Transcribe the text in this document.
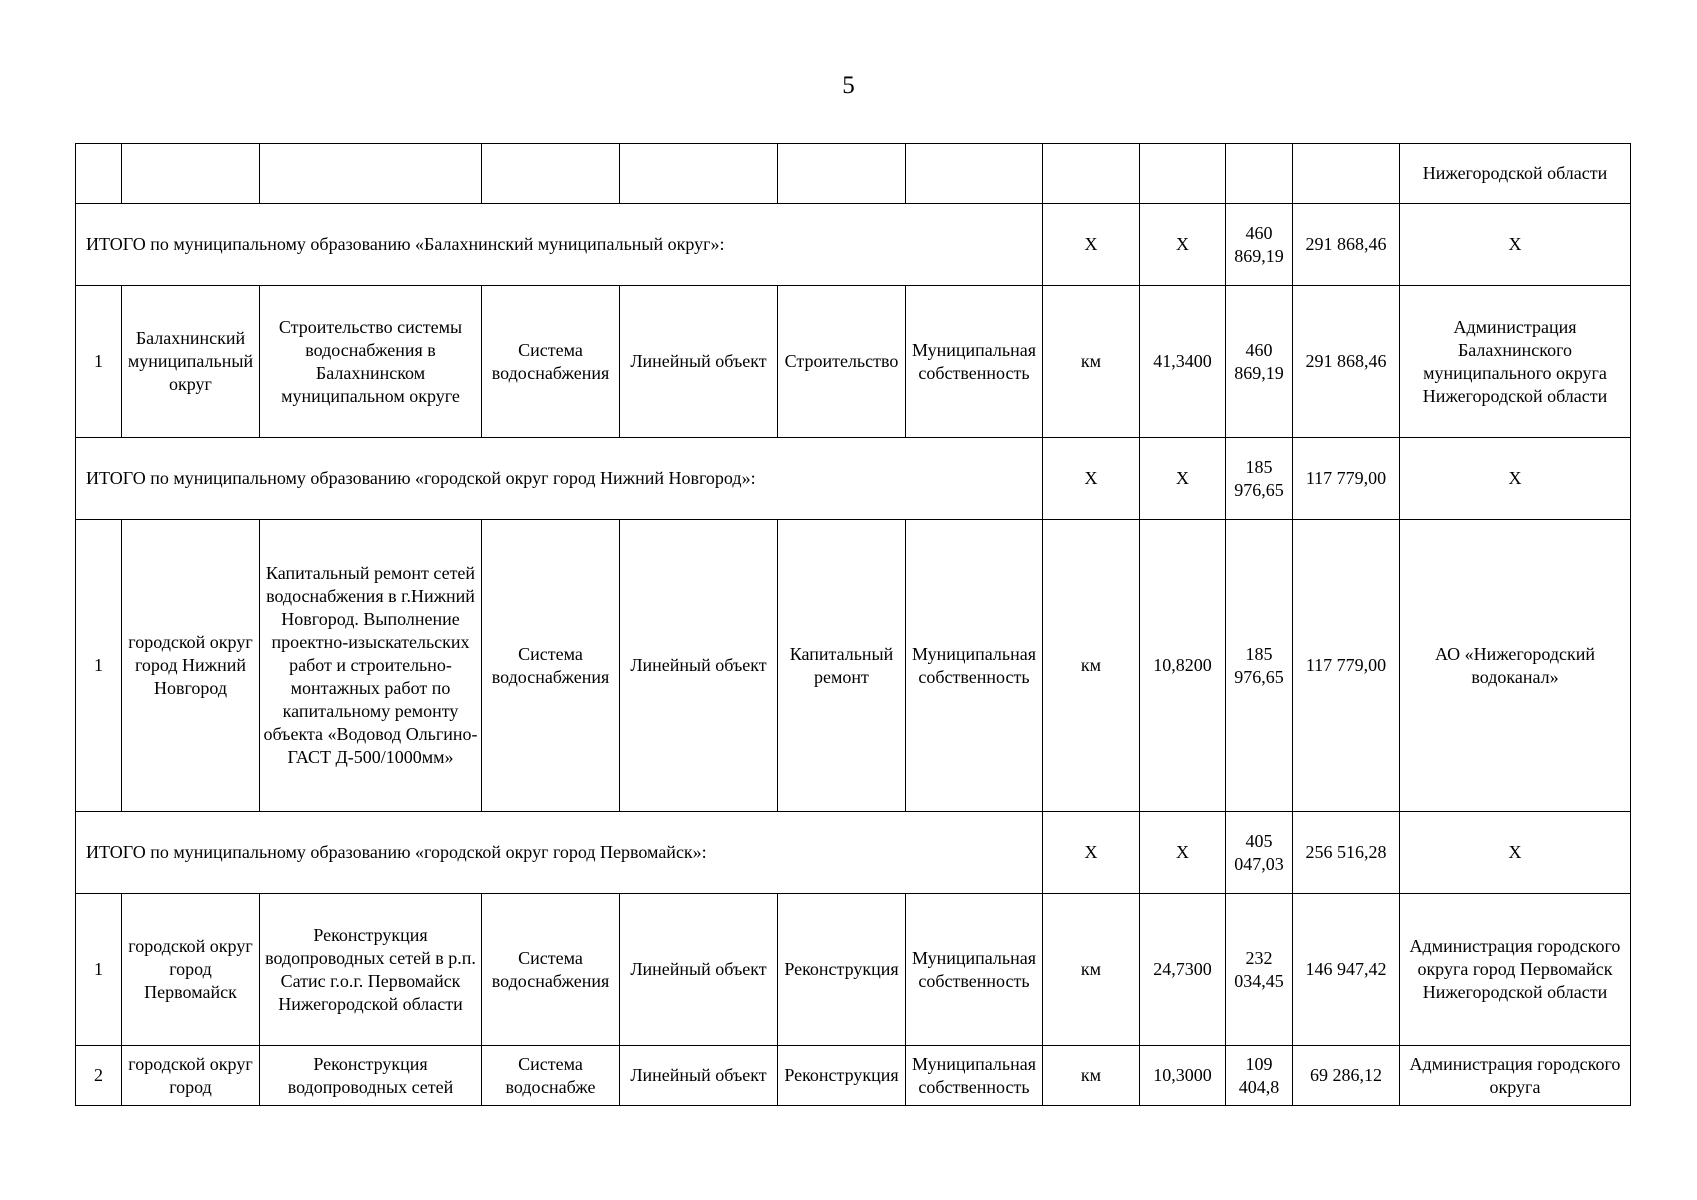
5
											Нижегородской области
ИТОГО по муниципальному образованию «Балахнинский муниципальный округ»:							Х	Х	460 869,19	291 868,46	Х
1	Балахнинский муниципальный округ	Строительство системы водоснабжения в Балахнинском муниципальном округе	Система водоснабжения	Линейный объект	Строительство	Муниципальная собственность	км	41,3400	460 869,19	291 868,46	Администрация Балахнинского муниципального округа Нижегородской области
ИТОГО по муниципальному образованию «городской округ город Нижний Новгород»:							Х	Х	185 976,65	117 779,00	Х
1	городской округ город Нижний Новгород	Капитальный ремонт сетей водоснабжения в г.Нижний Новгород. Выполнение проектно-изыскательских работ и строительно-монтажных работ по капитальному ремонту объекта «Водовод Ольгино-ГАСТ Д-500/1000мм»	Система водоснабжения	Линейный объект	Капитальный ремонт	Муниципальная собственность	км	10,8200	185 976,65	117 779,00	АО «Нижегородский водоканал»
ИТОГО по муниципальному образованию «городской округ город Первомайск»:							Х	Х	405 047,03	256 516,28	Х
1	городской округ город Первомайск	Реконструкция водопроводных сетей в р.п. Сатис г.о.г. Первомайск Нижегородской области	Система водоснабжения	Линейный объект	Реконструкция	Муниципальная собственность	км	24,7300	232 034,45	146 947,42	Администрация городского округа город Первомайск Нижегородской области
2	городской округ город	Реконструкция водопроводных сетей	Система водоснабже	Линейный объект	Реконструкция	Муниципальная собственность	км	10,3000	109 404,8	69 286,12	Администрация городского округа
